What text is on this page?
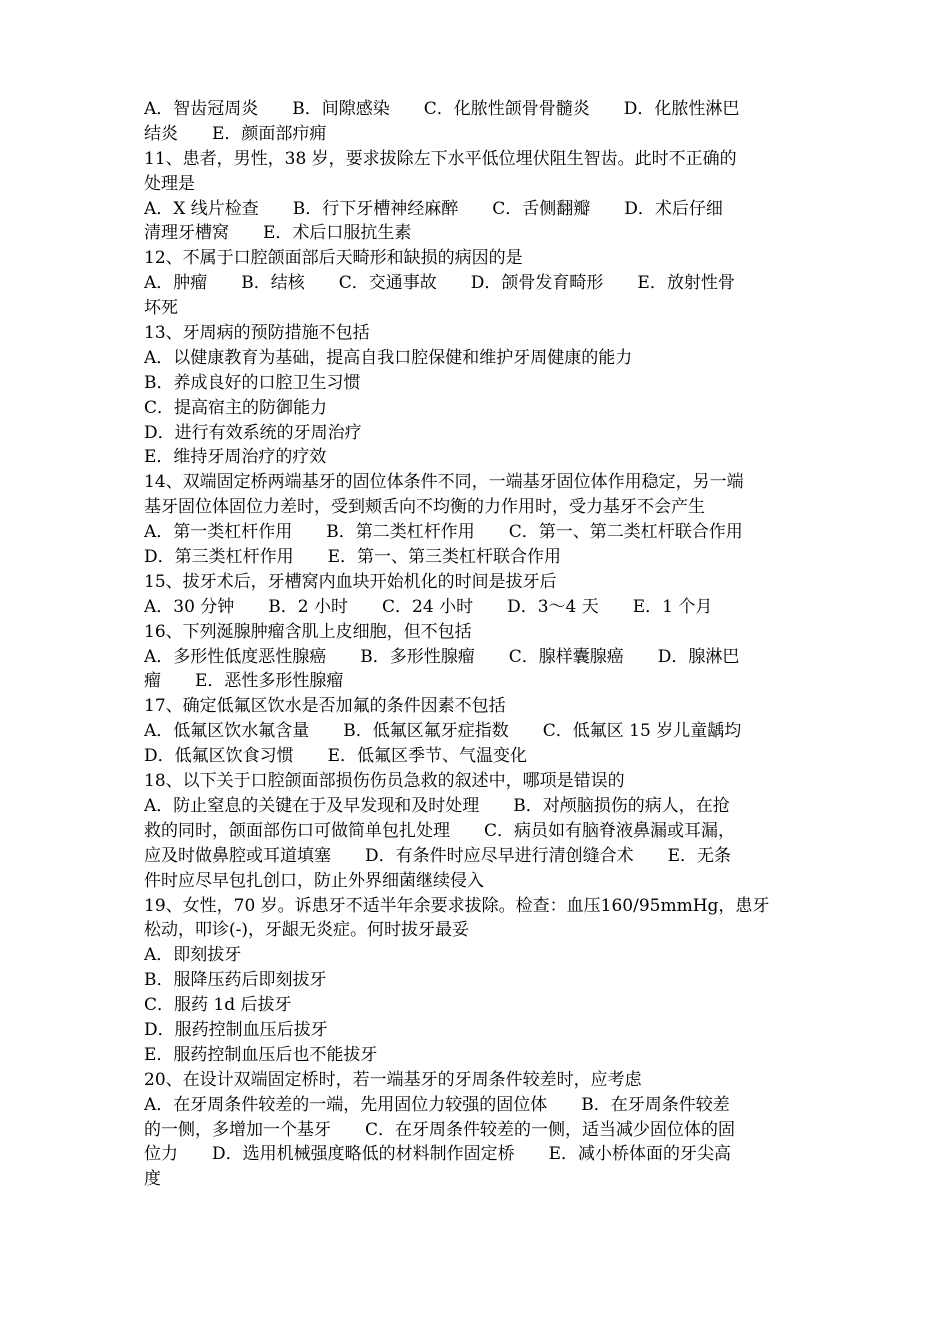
A．智齿冠周炎　　B．间隙感染　　C．化脓性颌骨骨髓炎　　D．化脓性淋巴
结炎　　E．颜面部疖痈
11、患者，男性，38 岁，要求拔除左下水平低位埋伏阻生智齿。此时不正确的
处理是
A．X 线片检查　　B．行下牙槽神经麻醉　　C．舌侧翻瓣　　D．术后仔细
清理牙槽窝　　E．术后口服抗生素
12、不属于口腔颌面部后天畸形和缺损的病因的是
A．肿瘤　　B．结核　　C．交通事故　　D．颌骨发育畸形　　E．放射性骨
坏死
13、牙周病的预防措施不包括
A．以健康教育为基础，提高自我口腔保健和维护牙周健康的能力
B．养成良好的口腔卫生习惯
C．提高宿主的防御能力
D．进行有效系统的牙周治疗
E．维持牙周治疗的疗效
14、双端固定桥两端基牙的固位体条件不同，一端基牙固位体作用稳定，另一端
基牙固位体固位力差时，受到颊舌向不均衡的力作用时，受力基牙不会产生
A．第一类杠杆作用　　B．第二类杠杆作用　　C．第一、第二类杠杆联合作用
D．第三类杠杆作用　　E．第一、第三类杠杆联合作用
15、拔牙术后，牙槽窝内血块开始机化的时间是拔牙后
A．30 分钟　　B．2 小时　　C．24 小时　　D．3～4 天　　E．1 个月
16、下列涎腺肿瘤含肌上皮细胞，但不包括
A．多形性低度恶性腺癌　　B．多形性腺瘤　　C．腺样囊腺癌　　D．腺淋巴
瘤　　E．恶性多形性腺瘤
17、确定低氟区饮水是否加氟的条件因素不包括
A．低氟区饮水氟含量　　B．低氟区氟牙症指数　　C．低氟区 15 岁儿童龋均
D．低氟区饮食习惯　　E．低氟区季节、气温变化
18、以下关于口腔颌面部损伤伤员急救的叙述中，哪项是错误的
A．防止窒息的关键在于及早发现和及时处理　　B．对颅脑损伤的病人，在抢
救的同时，颌面部伤口可做简单包扎处理　　C．病员如有脑脊液鼻漏或耳漏，
应及时做鼻腔或耳道填塞　　D．有条件时应尽早进行清创缝合术　　E．无条
件时应尽早包扎创口，防止外界细菌继续侵入
19、女性，70 岁。诉患牙不适半年余要求拔除。检查：血压160/95mmHg，患牙
松动，叩诊(-)，牙龈无炎症。何时拔牙最妥
A．即刻拔牙
B．服降压药后即刻拔牙
C．服药 1d 后拔牙
D．服药控制血压后拔牙
E．服药控制血压后也不能拔牙
20、在设计双端固定桥时，若一端基牙的牙周条件较差时，应考虑
A．在牙周条件较差的一端，先用固位力较强的固位体　　B．在牙周条件较差
的一侧，多增加一个基牙　　C．在牙周条件较差的一侧，适当减少固位体的固
位力　　D．选用机械强度略低的材料制作固定桥　　E．减小桥体面的牙尖高
度
